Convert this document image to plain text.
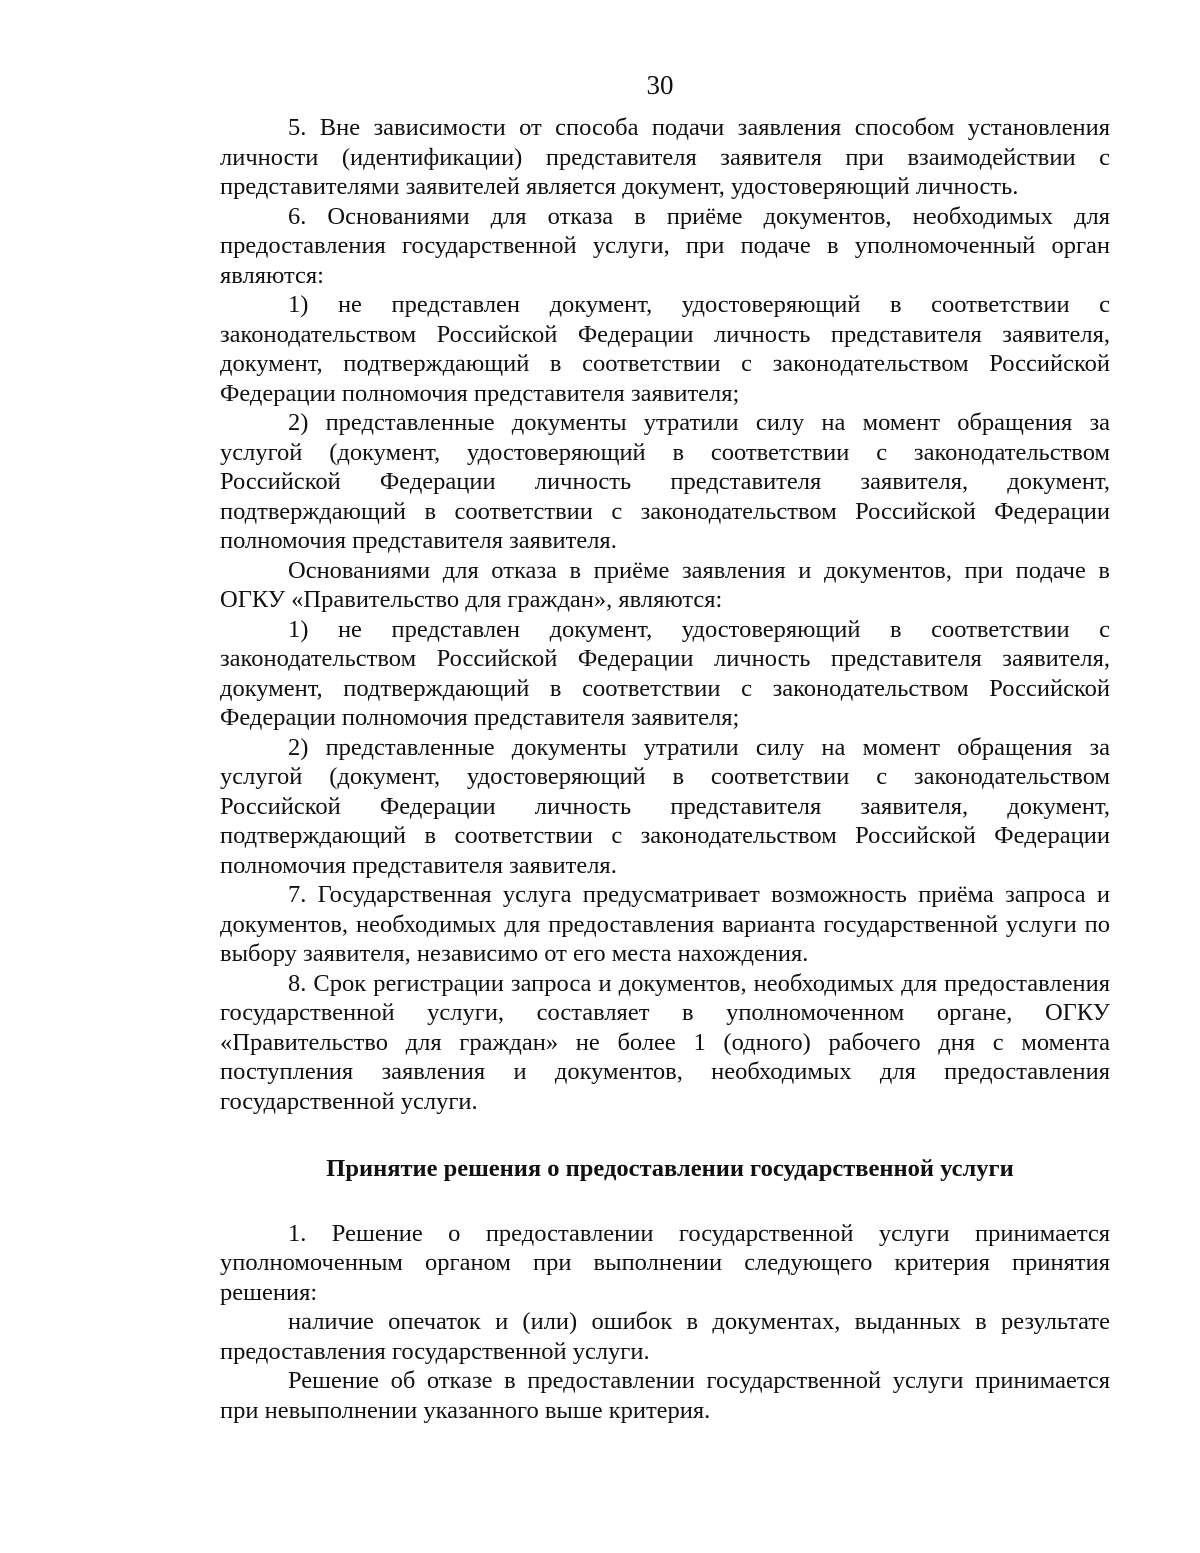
30

5. Вне зависимости от способа подачи заявления способом установления личности (идентификации) представителя заявителя при взаимодействии с представителями заявителей является документ, удостоверяющий личность.

6. Основаниями для отказа в приёме документов, необходимых для предоставления государственной услуги, при подаче в уполномоченный орган являются:

1) не представлен документ, удостоверяющий в соответствии с законодательством Российской Федерации личность представителя заявителя, документ, подтверждающий в соответствии с законодательством Российской Федерации полномочия представителя заявителя;

2) представленные документы утратили силу на момент обращения за услугой (документ, удостоверяющий в соответствии с законодательством Российской Федерации личность представителя заявителя, документ, подтверждающий в соответствии с законодательством Российской Федерации полномочия представителя заявителя.

Основаниями для отказа в приёме заявления и документов, при подаче в ОГКУ «Правительство для граждан», являются:

1) не представлен документ, удостоверяющий в соответствии с законодательством Российской Федерации личность представителя заявителя, документ, подтверждающий в соответствии с законодательством Российской Федерации полномочия представителя заявителя;

2) представленные документы утратили силу на момент обращения за услугой (документ, удостоверяющий в соответствии с законодательством Российской Федерации личность представителя заявителя, документ, подтверждающий в соответствии с законодательством Российской Федерации полномочия представителя заявителя.

7. Государственная услуга предусматривает возможность приёма запроса и документов, необходимых для предоставления варианта государственной услуги по выбору заявителя, независимо от его места нахождения.

8. Срок регистрации запроса и документов, необходимых для предоставления государственной услуги, составляет в уполномоченном органе, ОГКУ «Правительство для граждан» не более 1 (одного) рабочего дня с момента поступления заявления и документов, необходимых для предоставления государственной услуги.

Принятие решения о предоставлении государственной услуги

1. Решение о предоставлении государственной услуги принимается уполномоченным органом при выполнении следующего критерия принятия решения:

наличие опечаток и (или) ошибок в документах, выданных в результате предоставления государственной услуги.

Решение об отказе в предоставлении государственной услуги принимается при невыполнении указанного выше критерия.
